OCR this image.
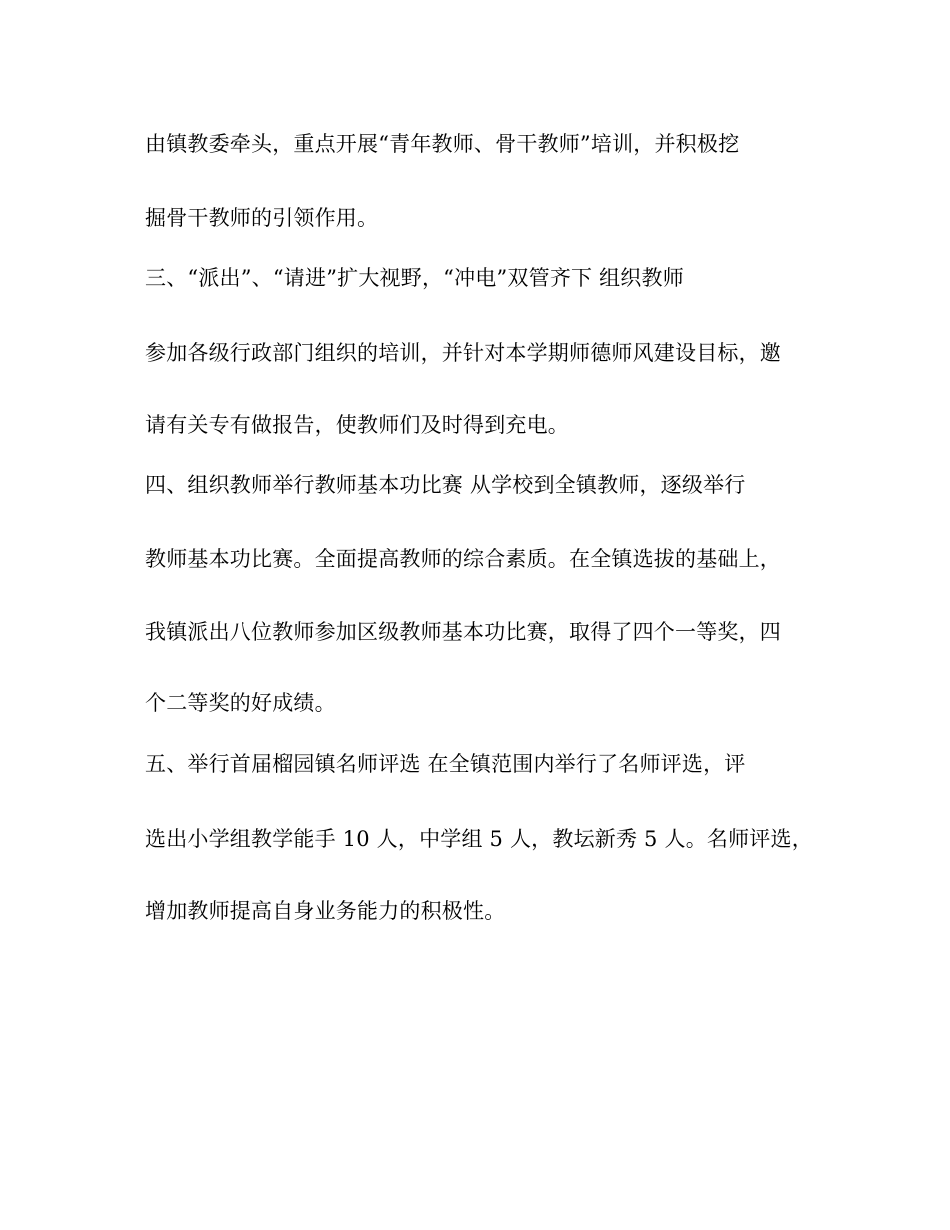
由镇教委牵头，重点开展“青年教师、骨干教师”培训，并积极挖
掘骨干教师的引领作用。
三、“派出”、“请进”扩大视野，“冲电”双管齐下 组织教师
参加各级行政部门组织的培训，并针对本学期师德师风建设目标，邀
请有关专有做报告，使教师们及时得到充电。
四、组织教师举行教师基本功比赛 从学校到全镇教师，逐级举行
教师基本功比赛。全面提高教师的综合素质。在全镇选拔的基础上，
我镇派出八位教师参加区级教师基本功比赛，取得了四个一等奖，四
个二等奖的好成绩。
五、举行首届榴园镇名师评选 在全镇范围内举行了名师评选，评
选出小学组教学能手 10 人，中学组 5 人，教坛新秀 5 人。名师评选，
增加教师提高自身业务能力的积极性。
